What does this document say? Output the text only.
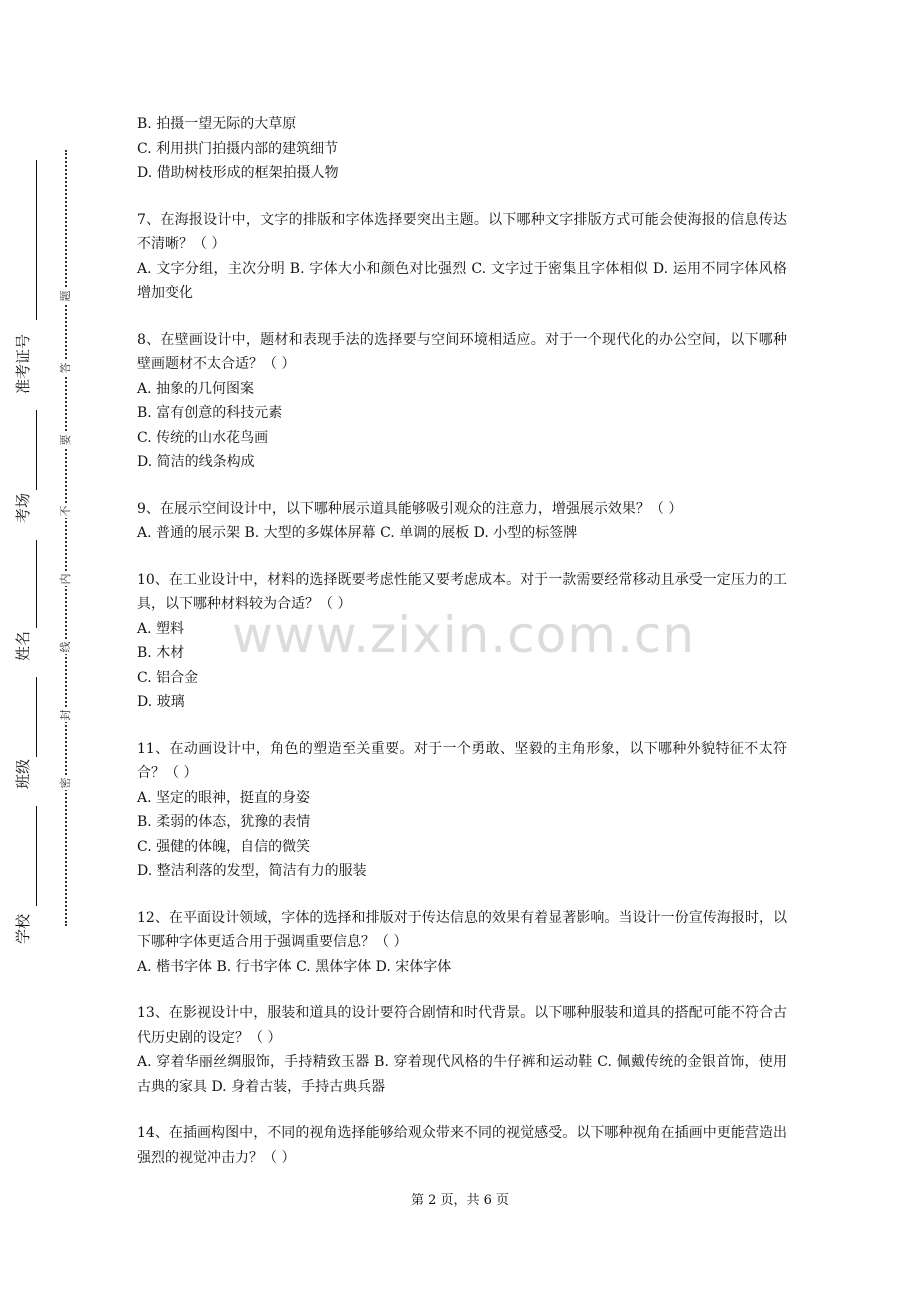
准考证号
考场
姓名
班级
学校
题
答
要
不
内
线
封
密
www.zixin.com.cn
B. 拍摄一望无际的大草原
C. 利用拱门拍摄内部的建筑细节
D. 借助树枝形成的框架拍摄人物
7、在海报设计中，文字的排版和字体选择要突出主题。以下哪种文字排版方式可能会使海报的信息传达不清晰？（ ）
A. 文字分组，主次分明 B. 字体大小和颜色对比强烈 C. 文字过于密集且字体相似 D. 运用不同字体风格增加变化
8、在壁画设计中，题材和表现手法的选择要与空间环境相适应。对于一个现代化的办公空间，以下哪种壁画题材不太合适？（ ）
A. 抽象的几何图案
B. 富有创意的科技元素
C. 传统的山水花鸟画
D. 简洁的线条构成
9、在展示空间设计中，以下哪种展示道具能够吸引观众的注意力，增强展示效果？（ ）
A. 普通的展示架 B. 大型的多媒体屏幕 C. 单调的展板 D. 小型的标签牌
10、在工业设计中，材料的选择既要考虑性能又要考虑成本。对于一款需要经常移动且承受一定压力的工具，以下哪种材料较为合适？（ ）
A. 塑料
B. 木材
C. 铝合金
D. 玻璃
11、在动画设计中，角色的塑造至关重要。对于一个勇敢、坚毅的主角形象，以下哪种外貌特征不太符合？（ ）
A. 坚定的眼神，挺直的身姿
B. 柔弱的体态，犹豫的表情
C. 强健的体魄，自信的微笑
D. 整洁利落的发型，简洁有力的服装
12、在平面设计领域，字体的选择和排版对于传达信息的效果有着显著影响。当设计一份宣传海报时，以下哪种字体更适合用于强调重要信息？（ ）
A. 楷书字体 B. 行书字体 C. 黑体字体 D. 宋体字体
13、在影视设计中，服装和道具的设计要符合剧情和时代背景。以下哪种服装和道具的搭配可能不符合古代历史剧的设定？（ ）
A. 穿着华丽丝绸服饰，手持精致玉器 B. 穿着现代风格的牛仔裤和运动鞋 C. 佩戴传统的金银首饰，使用古典的家具 D. 身着古装，手持古典兵器
14、在插画构图中，不同的视角选择能够给观众带来不同的视觉感受。以下哪种视角在插画中更能营造出强烈的视觉冲击力？（ ）
第 2 页，共 6 页
